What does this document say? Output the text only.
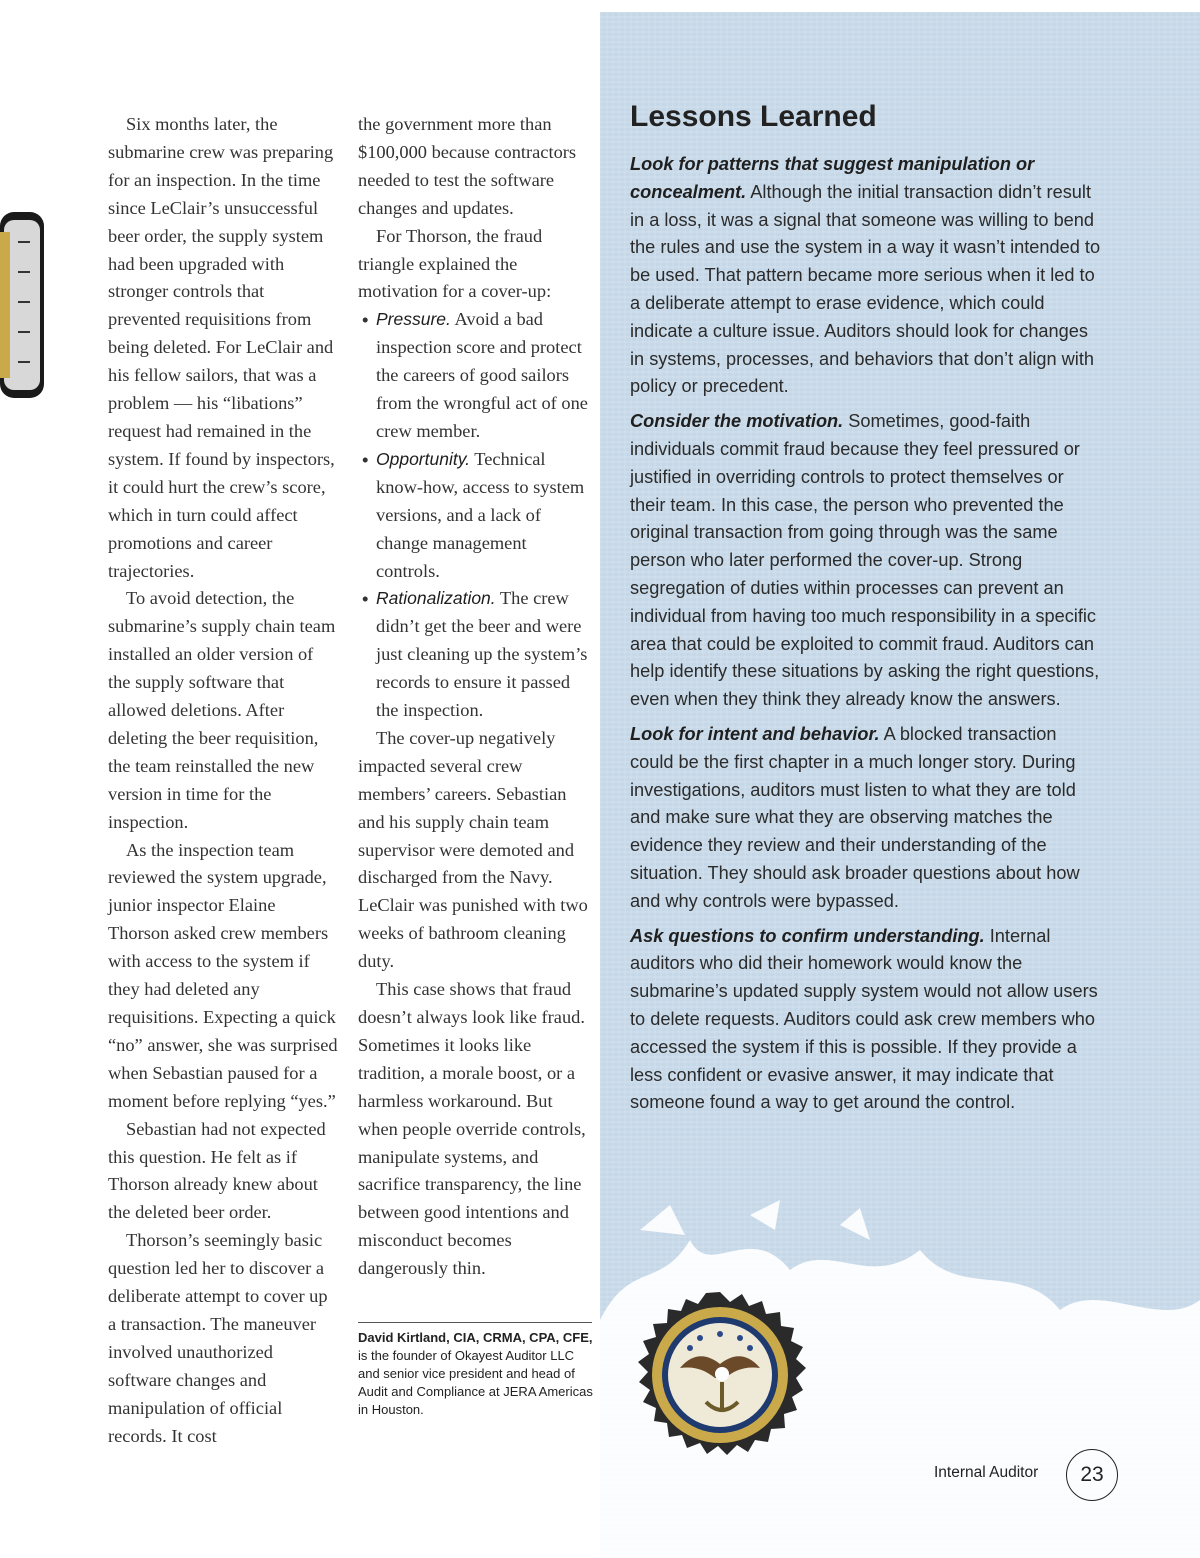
Six months later, the submarine crew was preparing for an inspection. In the time since LeClair’s unsuccessful beer order, the supply system had been upgraded with stronger controls that prevented requisitions from being deleted. For LeClair and his fellow sailors, that was a problem — his “libations” request had remained in the system. If found by inspectors, it could hurt the crew’s score, which in turn could affect promotions and career trajectories.

To avoid detection, the submarine’s supply chain team installed an older version of the supply software that allowed deletions. After deleting the beer requisition, the team reinstalled the new version in time for the inspection.

As the inspection team reviewed the system upgrade, junior inspector Elaine Thorson asked crew members with access to the system if they had deleted any requisitions. Expecting a quick “no” answer, she was surprised when Sebastian paused for a moment before replying “yes.”

Sebastian had not expected this question. He felt as if Thorson already knew about the deleted beer order.

Thorson’s seemingly basic question led her to discover a deliberate attempt to cover up a transaction. The maneuver involved unauthorized software changes and manipulation of official records. It cost

the government more than $100,000 because contractors needed to test the software changes and updates.

For Thorson, the fraud triangle explained the motivation for a cover-up:

• Pressure. Avoid a bad inspection score and protect the careers of good sailors from the wrongful act of one crew member.
• Opportunity. Technical know-how, access to system versions, and a lack of change management controls.
• Rationalization. The crew didn’t get the beer and were just cleaning up the system’s records to ensure it passed the inspection.

The cover-up negatively impacted several crew members’ careers. Sebastian and his supply chain team supervisor were demoted and discharged from the Navy. LeClair was punished with two weeks of bathroom cleaning duty.

This case shows that fraud doesn’t always look like fraud. Sometimes it looks like tradition, a morale boost, or a harmless workaround. But when people override controls, manipulate systems, and sacrifice transparency, the line between good intentions and misconduct becomes dangerously thin.

David Kirtland, CIA, CRMA, CPA, CFE, is the founder of Okayest Auditor LLC and senior vice president and head of Audit and Compliance at JERA Americas in Houston.
Lessons Learned

Look for patterns that suggest manipulation or concealment. Although the initial transaction didn’t result in a loss, it was a signal that someone was willing to bend the rules and use the system in a way it wasn’t intended to be used. That pattern became more serious when it led to a deliberate attempt to erase evidence, which could indicate a culture issue. Auditors should look for changes in systems, processes, and behaviors that don’t align with policy or precedent.

Consider the motivation. Sometimes, good-faith individuals commit fraud because they feel pressured or justified in overriding controls to protect themselves or their team. In this case, the person who prevented the original transaction from going through was the same person who later performed the cover-up. Strong segregation of duties within processes can prevent an individual from having too much responsibility in a specific area that could be exploited to commit fraud. Auditors can help identify these situations by asking the right questions, even when they think they already know the answers.

Look for intent and behavior. A blocked transaction could be the first chapter in a much longer story. During investigations, auditors must listen to what they are told and make sure what they are observing matches the evidence they review and their understanding of the situation. They should ask broader questions about how and why controls were bypassed.

Ask questions to confirm understanding. Internal auditors who did their homework would know the submarine’s updated supply system would not allow users to delete requests. Auditors could ask crew members who accessed the system if this is possible. If they provide a less confident or evasive answer, it may indicate that someone found a way to get around the control.

Internal Auditor	23
